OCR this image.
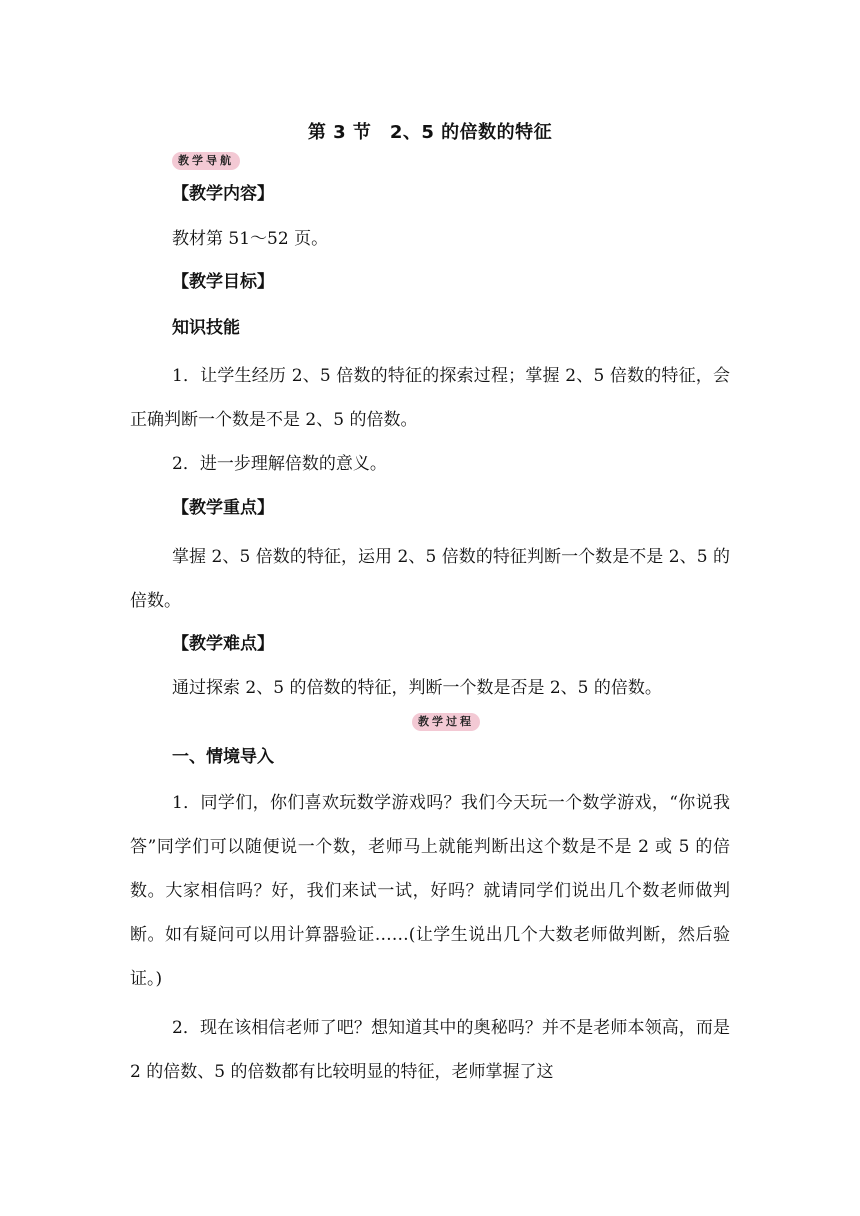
第 3 节　2、5 的倍数的特征
教学导航
【教学内容】
教材第 51～52 页。
【教学目标】
知识技能
1．让学生经历 2、5 倍数的特征的探索过程；掌握 2、5 倍数的特征，会正确判断一个数是不是 2、5 的倍数。
2．进一步理解倍数的意义。
【教学重点】
掌握 2、5 倍数的特征，运用 2、5 倍数的特征判断一个数是不是 2、5 的倍数。
【教学难点】
通过探索 2、5 的倍数的特征，判断一个数是否是 2、5 的倍数。
教学过程
一、情境导入
1．同学们，你们喜欢玩数学游戏吗？我们今天玩一个数学游戏，“你说我答”同学们可以随便说一个数，老师马上就能判断出这个数是不是 2 或 5 的倍数。大家相信吗？好，我们来试一试，好吗？就请同学们说出几个数老师做判断。如有疑问可以用计算器验证……(让学生说出几个大数老师做判断，然后验证。)
2．现在该相信老师了吧？想知道其中的奥秘吗？并不是老师本领高，而是 2 的倍数、5 的倍数都有比较明显的特征，老师掌握了这
